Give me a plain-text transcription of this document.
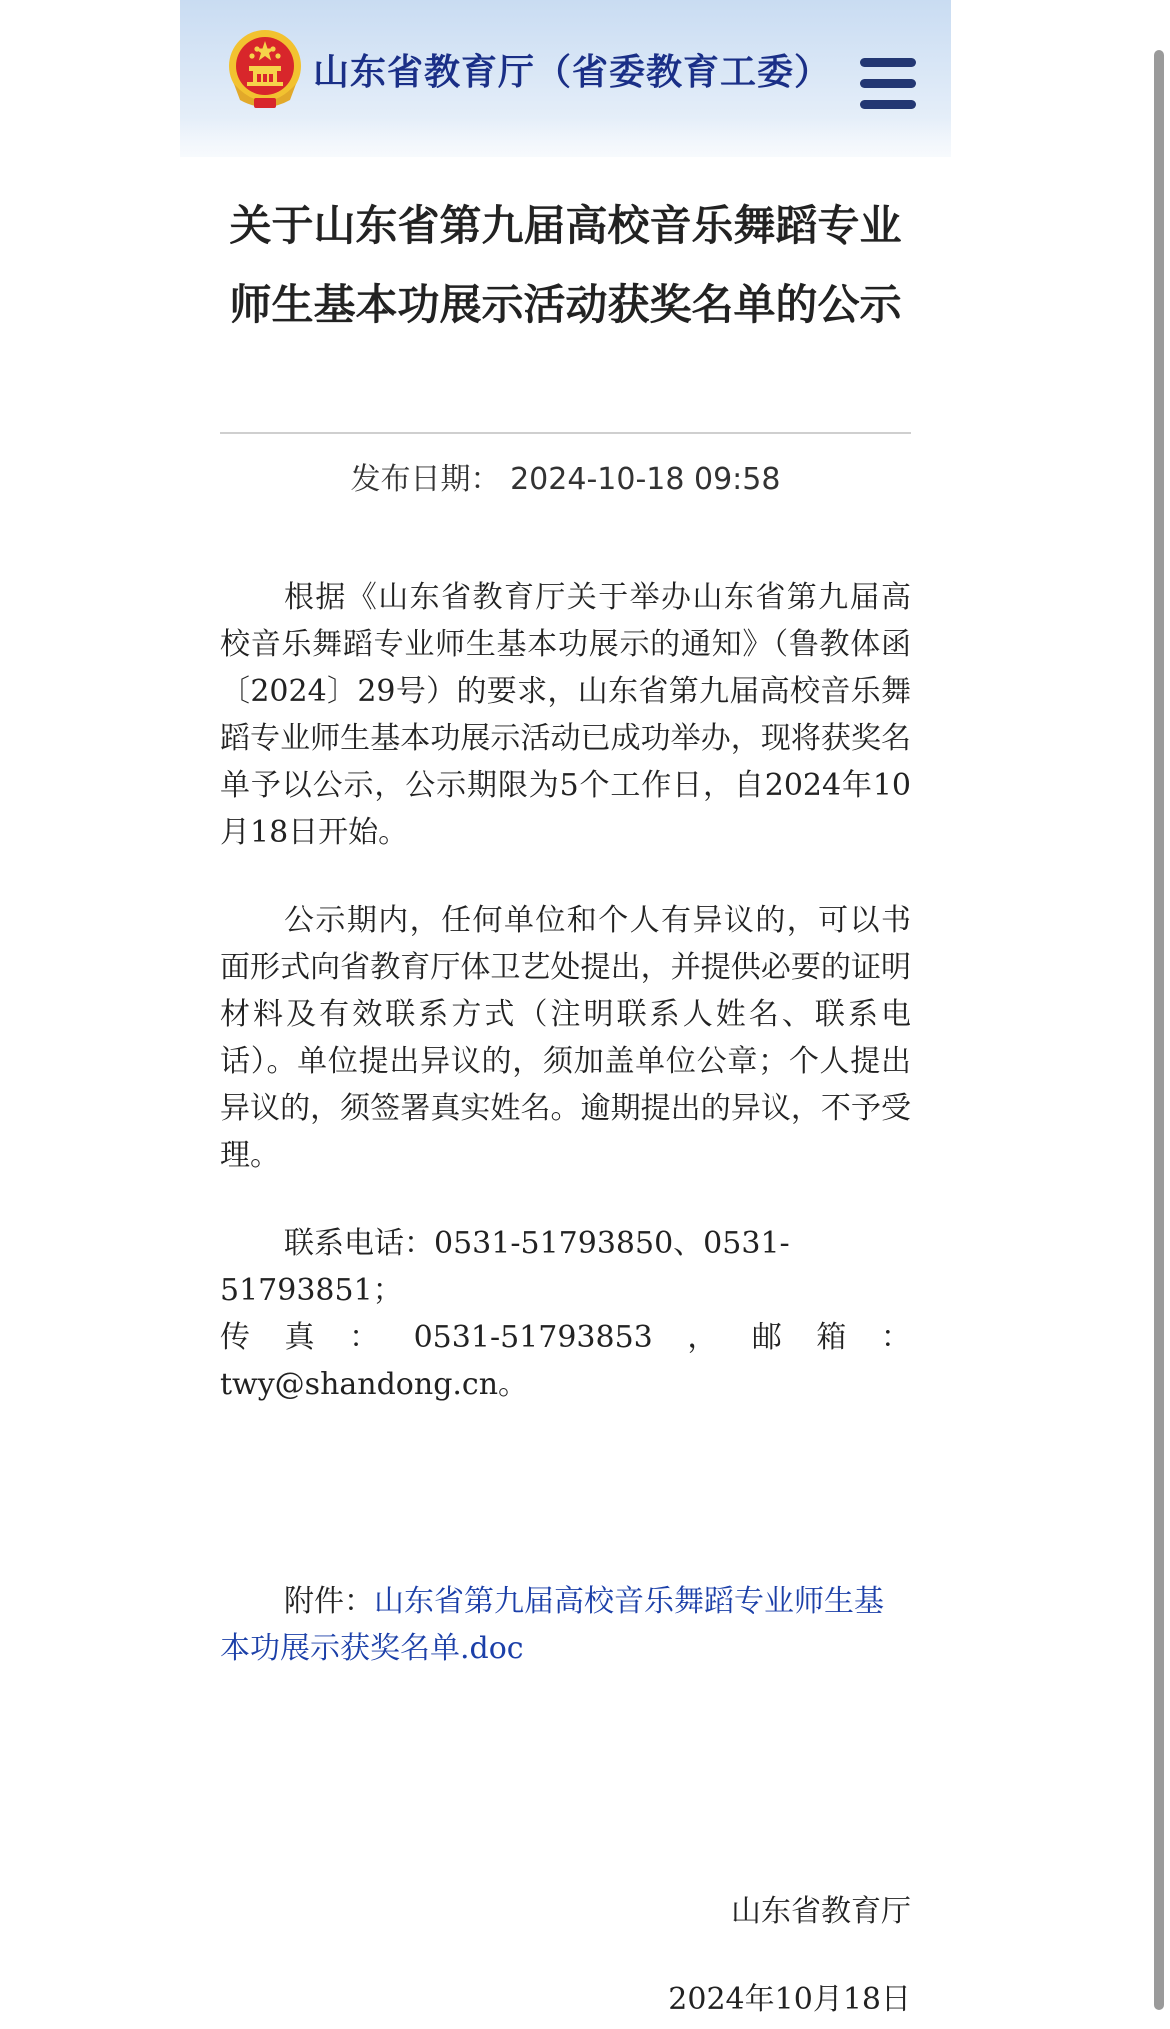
山东省教育厅（省委教育工委）
关于山东省第九届高校音乐舞蹈专业师生基本功展示活动获奖名单的公示
发布日期： 2024-10-18 09:58

根据《山东省教育厅关于举办山东省第九届高校音乐舞蹈专业师生基本功展示的通知》（鲁教体函〔2024〕29号）的要求，山东省第九届高校音乐舞蹈专业师生基本功展示活动已成功举办，现将获奖名单予以公示，公示期限为5个工作日，自2024年10月18日开始。

公示期内，任何单位和个人有异议的，可以书面形式向省教育厅体卫艺处提出，并提供必要的证明材料及有效联系方式（注明联系人姓名、联系电话）。单位提出异议的，须加盖单位公章；个人提出异议的，须签署真实姓名。逾期提出的异议，不予受理。

联系电话：0531-51793850、0531-51793851；
传 真 ： 0531-51793853 ， 邮 箱 ：
twy@shandong.cn。

附件：山东省第九届高校音乐舞蹈专业师生基本功展示获奖名单.doc

山东省教育厅
2024年10月18日
